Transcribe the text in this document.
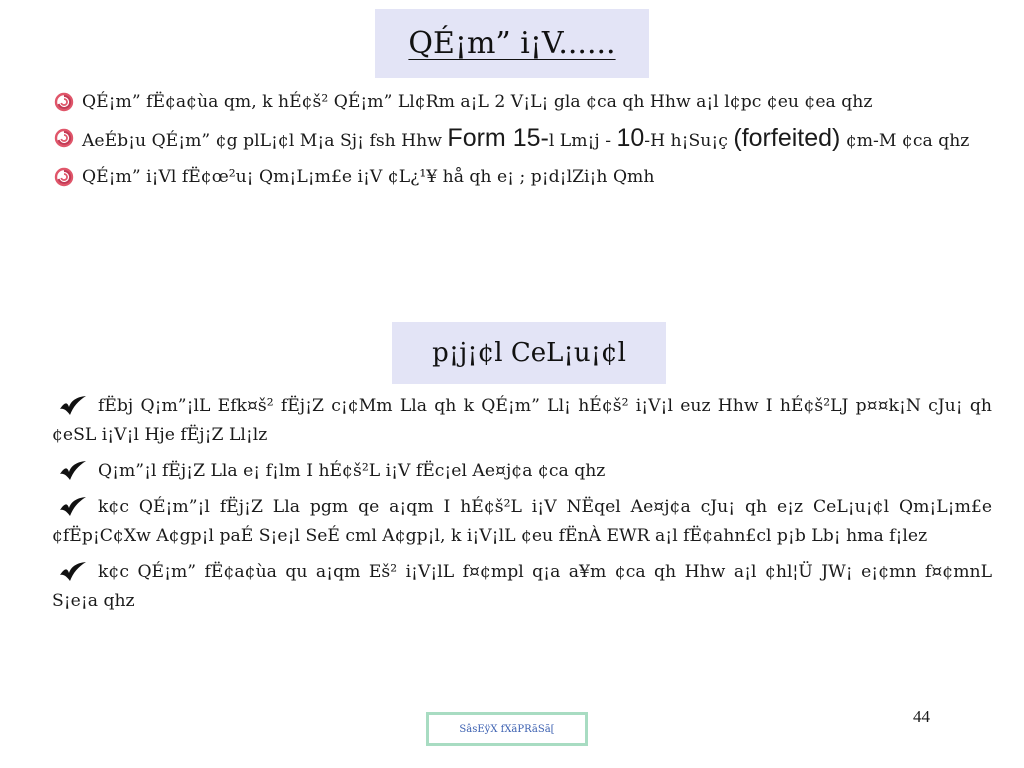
QÉ¡m” i¡V......

QÉ¡m” fË¢a¢ùa qm, k hÉ¢š² QÉ¡m” Ll¢Rm a¡L 2 V¡L¡ gla ¢ca qh Hhw a¡l l¢pc ¢eu ¢ea qhz

AeÉb¡u QÉ¡m” ¢g plL¡¢l M¡a Sj¡ fsh Hhw Form 15-l Lm¡j - 10-H h¡Su¡ç (forfeited) ¢m-M ¢ca qhz

QÉ¡m” i¡Vl fË¢œ²u¡ Qm¡L¡m£e i¡V ¢L¿¹¥ hå qh e¡ ; p¡d¡lZi¡h Qmh

p¡j¡¢l CeL¡u¡¢l

fËbj Q¡m”¡lL Efk¤š² fËj¡Z c¡¢Mm Lla qh k QÉ¡m” Ll¡ hÉ¢š² i¡V¡l euz Hhw I hÉ¢š²LJ p¤¤k¡N cJu¡ qh ¢eSL i¡V¡l Hje fËj¡Z Ll¡lz

Q¡m”¡l fËj¡Z Lla e¡ f¡lm I hÉ¢š²L i¡V fËc¡el Ae¤j¢a ¢ca qhz

k¢c QÉ¡m”¡l fËj¡Z Lla pgm qe a¡qm I hÉ¢š²L i¡V NËqel Ae¤j¢a cJu¡ qh e¡z CeL¡u¡¢l Qm¡L¡m£e ¢fËp¡C¢Xw A¢gp¡l paÉ S¡e¡l SeÉ cml A¢gp¡l, k i¡V¡lL ¢eu fËnÀ EWR a¡l fË¢ahn£cl p¡b Lb¡ hma f¡lez

k¢c QÉ¡m” fË¢a¢ùa qu a¡qm Eš² i¡V¡lL f¤¢mpl q¡a a¥m ¢ca qh Hhw a¡l ¢hl¦Ü JW¡ e¡¢mn f¤¢mnL S¡e¡a qhz

44
SâsEÿX fXãPRãSã[
